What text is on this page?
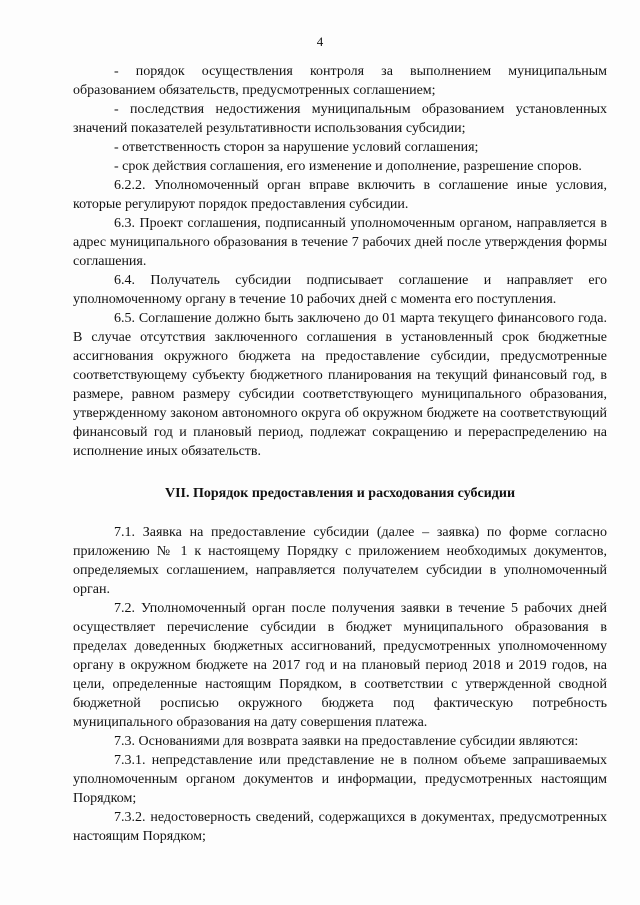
4

- порядок осуществления контроля за выполнением муниципальным образованием обязательств, предусмотренных соглашением;

- последствия недостижения муниципальным образованием установленных значений показателей результативности использования субсидии;

- ответственность сторон за нарушение условий соглашения;

- срок действия соглашения, его изменение и дополнение, разрешение споров.

6.2.2. Уполномоченный орган вправе включить в соглашение иные условия, которые регулируют порядок предоставления субсидии.

6.3. Проект соглашения, подписанный уполномоченным органом, направляется в адрес муниципального образования в течение 7 рабочих дней после утверждения формы соглашения.

6.4. Получатель субсидии подписывает соглашение и направляет его уполномоченному органу в течение 10 рабочих дней с момента его поступления.

6.5. Соглашение должно быть заключено до 01 марта текущего финансового года. В случае отсутствия заключенного соглашения в установленный срок бюджетные ассигнования окружного бюджета на предоставление субсидии, предусмотренные соответствующему субъекту бюджетного планирования на текущий финансовый год, в размере, равном размеру субсидии соответствующего муниципального образования, утвержденному законом автономного округа об окружном бюджете на соответствующий финансовый год и плановый период, подлежат сокращению и перераспределению на исполнение иных обязательств.

VII. Порядок предоставления и расходования субсидии

7.1. Заявка на предоставление субсидии (далее – заявка) по форме согласно приложению № 1 к настоящему Порядку с приложением необходимых документов, определяемых соглашением, направляется получателем субсидии в уполномоченный орган.

7.2. Уполномоченный орган после получения заявки в течение 5 рабочих дней осуществляет перечисление субсидии в бюджет муниципального образования в пределах доведенных бюджетных ассигнований, предусмотренных уполномоченному органу в окружном бюджете на 2017 год и на плановый период 2018 и 2019 годов, на цели, определенные настоящим Порядком, в соответствии с утвержденной сводной бюджетной росписью окружного бюджета под фактическую потребность муниципального образования на дату совершения платежа.

7.3. Основаниями для возврата заявки на предоставление субсидии являются:

7.3.1. непредставление или представление не в полном объеме запрашиваемых уполномоченным органом документов и информации, предусмотренных настоящим Порядком;

7.3.2. недостоверность сведений, содержащихся в документах, предусмотренных настоящим Порядком;
